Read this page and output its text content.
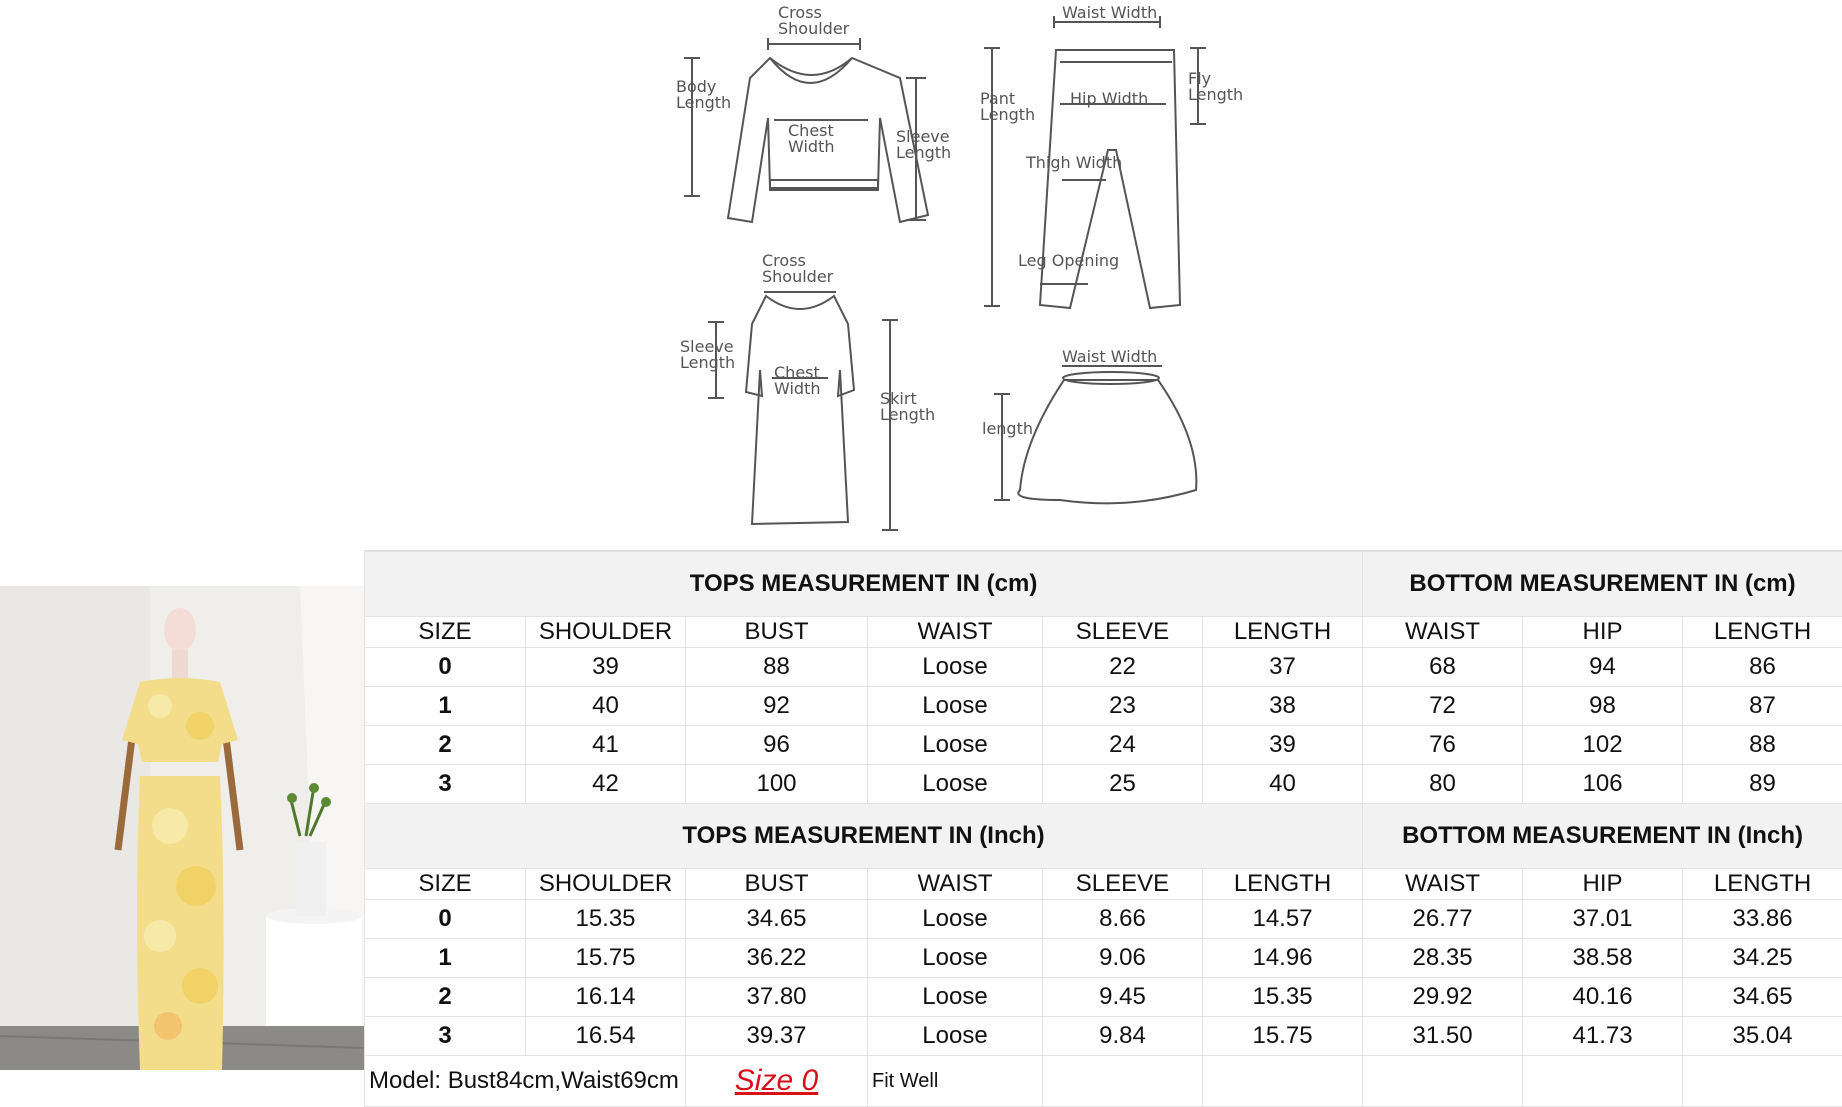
Cross
Shoulder
Body
Length
Chest
Width
Sleeve
Length
Waist Width
Fly
Length
Pant
Length
Hip Width
Thigh Width
Leg Opening
Cross
Shoulder
Sleeve
Length
Chest
Width
Skirt
Length
Waist Width
length
TOPS MEASUREMENT IN (cm)						BOTTOM MEASUREMENT IN (cm)		
SIZE	SHOULDER	BUST	WAIST	SLEEVE	LENGTH	WAIST	HIP	LENGTH
0	39	88	Loose	22	37	68	94	86
1	40	92	Loose	23	38	72	98	87
2	41	96	Loose	24	39	76	102	88
3	42	100	Loose	25	40	80	106	89
TOPS MEASUREMENT IN (Inch)						BOTTOM MEASUREMENT IN (Inch)		
SIZE	SHOULDER	BUST	WAIST	SLEEVE	LENGTH	WAIST	HIP	LENGTH
0	15.35	34.65	Loose	8.66	14.57	26.77	37.01	33.86
1	15.75	36.22	Loose	9.06	14.96	28.35	38.58	34.25
2	16.14	37.80	Loose	9.45	15.35	29.92	40.16	34.65
3	16.54	39.37	Loose	9.84	15.75	31.50	41.73	35.04
Model: Bust84cm,Waist69cm		Size 0	Fit Well					
